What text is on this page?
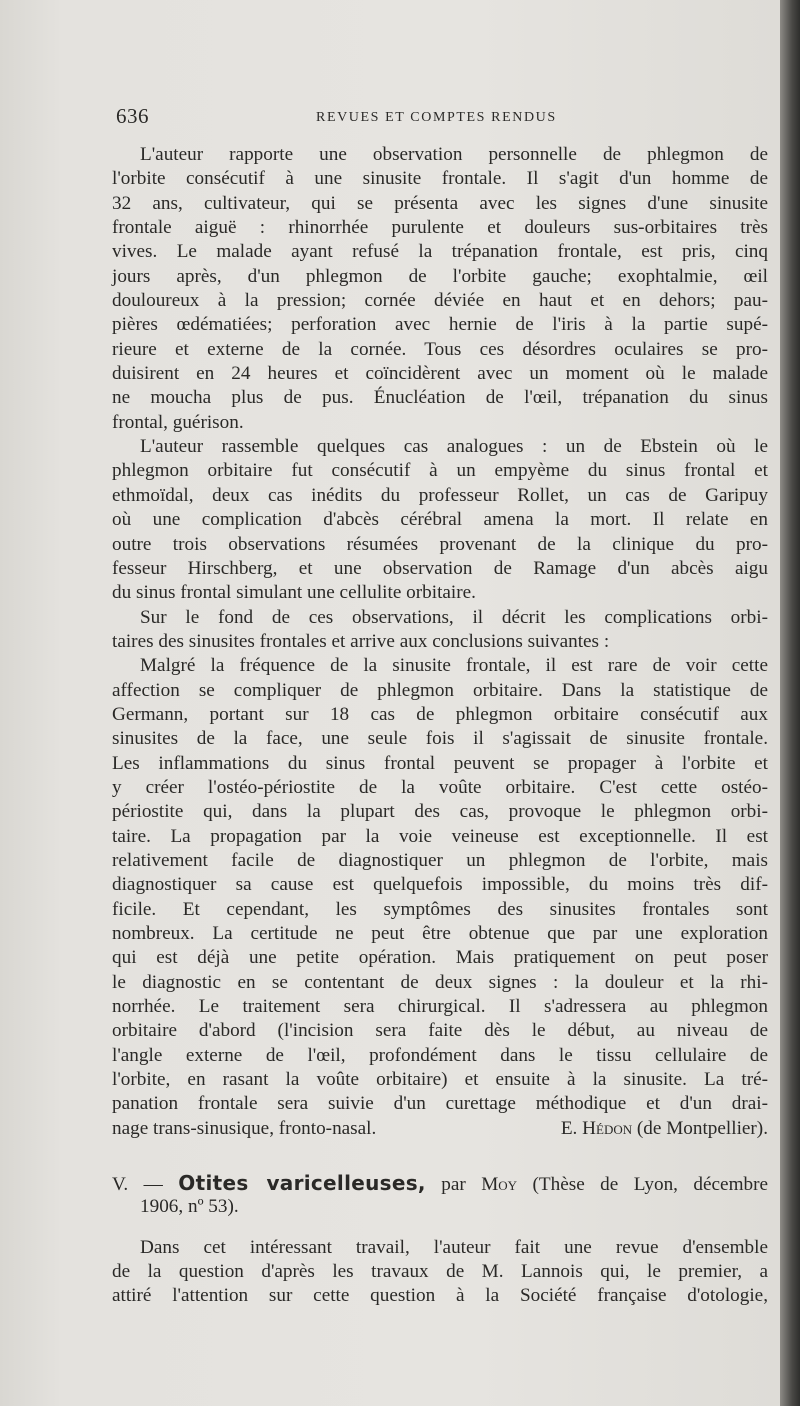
636	REVUES ET COMPTES RENDUS
L'auteur rapporte une observation personnelle de phlegmon de
l'orbite consécutif à une sinusite frontale. Il s'agit d'un homme de
32 ans, cultivateur, qui se présenta avec les signes d'une sinusite
frontale aiguë : rhinorrhée purulente et douleurs sus-orbitaires très
vives. Le malade ayant refusé la trépanation frontale, est pris, cinq
jours après, d'un phlegmon de l'orbite gauche; exophtalmie, œil
douloureux à la pression; cornée déviée en haut et en dehors; pau-
pières œdématiées; perforation avec hernie de l'iris à la partie supé-
rieure et externe de la cornée. Tous ces désordres oculaires se pro-
duisirent en 24 heures et coïncidèrent avec un moment où le malade
ne moucha plus de pus. Énucléation de l'œil, trépanation du sinus
frontal, guérison.
L'auteur rassemble quelques cas analogues : un de Ebstein où le
phlegmon orbitaire fut consécutif à un empyème du sinus frontal et
ethmoïdal, deux cas inédits du professeur Rollet, un cas de Garipuy
où une complication d'abcès cérébral amena la mort. Il relate en
outre trois observations résumées provenant de la clinique du pro-
fesseur Hirschberg, et une observation de Ramage d'un abcès aigu
du sinus frontal simulant une cellulite orbitaire.
Sur le fond de ces observations, il décrit les complications orbi-
taires des sinusites frontales et arrive aux conclusions suivantes :
Malgré la fréquence de la sinusite frontale, il est rare de voir cette
affection se compliquer de phlegmon orbitaire. Dans la statistique de
Germann, portant sur 18 cas de phlegmon orbitaire consécutif aux
sinusites de la face, une seule fois il s'agissait de sinusite frontale.
Les inflammations du sinus frontal peuvent se propager à l'orbite et
y créer l'ostéo-périostite de la voûte orbitaire. C'est cette ostéo-
périostite qui, dans la plupart des cas, provoque le phlegmon orbi-
taire. La propagation par la voie veineuse est exceptionnelle. Il est
relativement facile de diagnostiquer un phlegmon de l'orbite, mais
diagnostiquer sa cause est quelquefois impossible, du moins très dif-
ficile. Et cependant, les symptômes des sinusites frontales sont
nombreux. La certitude ne peut être obtenue que par une exploration
qui est déjà une petite opération. Mais pratiquement on peut poser
le diagnostic en se contentant de deux signes : la douleur et la rhi-
norrhée. Le traitement sera chirurgical. Il s'adressera au phlegmon
orbitaire d'abord (l'incision sera faite dès le début, au niveau de
l'angle externe de l'œil, profondément dans le tissu cellulaire de
l'orbite, en rasant la voûte orbitaire) et ensuite à la sinusite. La tré-
panation frontale sera suivie d'un curettage méthodique et d'un drai-
nage trans-sinusique, fronto-nasal.	E. Hédon (de Montpellier).
V. — Otites varicelleuses, par Moy (Thèse de Lyon, décembre
1906, nº 53).
Dans cet intéressant travail, l'auteur fait une revue d'ensemble
de la question d'après les travaux de M. Lannois qui, le premier, a
attiré l'attention sur cette question à la Société française d'otologie,
